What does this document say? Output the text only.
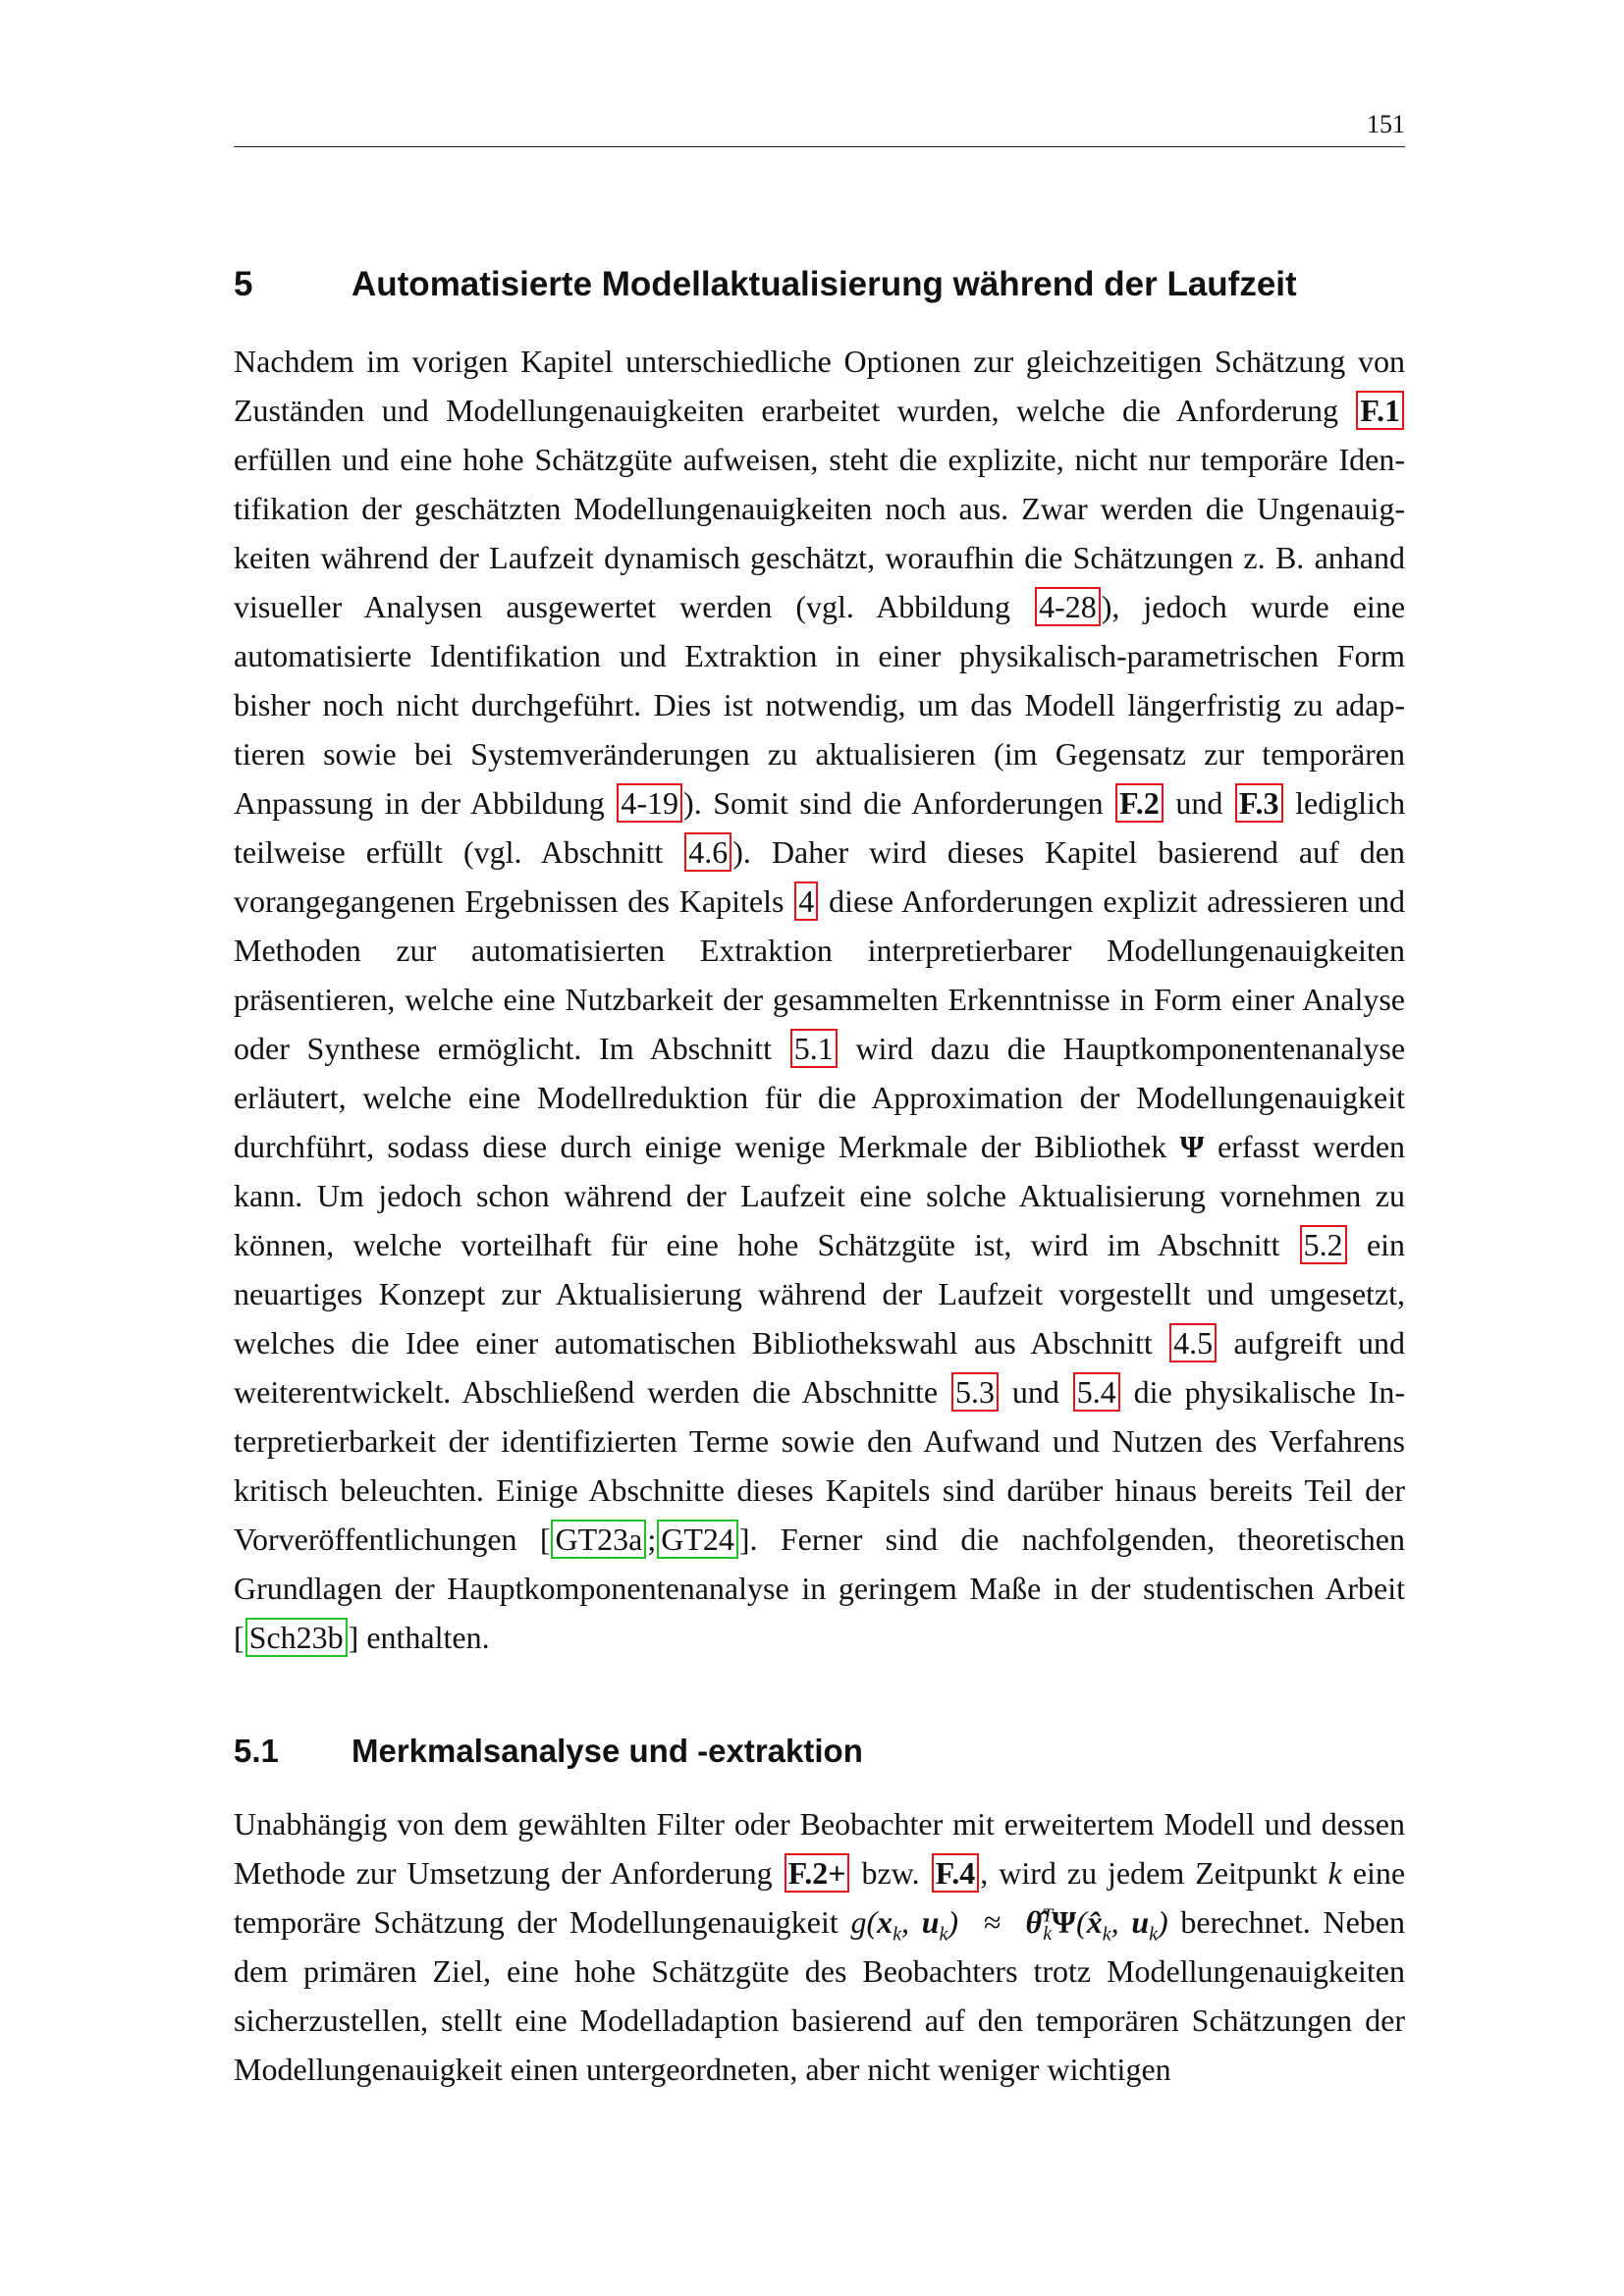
151
5	Automatisierte Modellaktualisierung während der Laufzeit
Nachdem im vorigen Kapitel unterschiedliche Optionen zur gleichzeitigen Schätzung von Zuständen und Modellungenauigkeiten erarbeitet wurden, welche die Anforderung F.1 erfüllen und eine hohe Schätzgüte aufweisen, steht die explizite, nicht nur temporäre Identifikation der geschätzten Modellungenauigkeiten noch aus. Zwar werden die Ungenauigkeiten während der Laufzeit dynamisch geschätzt, woraufhin die Schätzungen z. B. anhand visueller Analysen ausgewertet werden (vgl. Abbildung 4-28 ), jedoch wurde eine automatisierte Identifikation und Extraktion in einer physikalisch-parametrischen Form bisher noch nicht durchgeführt. Dies ist notwendig, um das Modell längerfristig zu adaptieren sowie bei Systemveränderungen zu aktualisieren (im Gegensatz zur temporären Anpassung in der Abbildung 4-19 ). Somit sind die Anforderungen F.2 und F.3 lediglich teilweise erfüllt (vgl. Abschnitt 4.6 ). Daher wird dieses Kapitel basierend auf den vorangegangenen Ergebnissen des Kapitels 4 diese Anforderungen explizit adressieren und Methoden zur automatisierten Extraktion interpretierbarer Modellungenauigkeiten präsentieren, welche eine Nutzbarkeit der gesammelten Erkenntnisse in Form einer Analyse oder Synthese ermöglicht. Im Abschnitt 5.1 wird dazu die Hauptkomponentenanalyse erläutert, welche eine Modellreduktion für die Approximation der Modellungenauigkeit durchführt, sodass diese durch einige wenige Merkmale der Bibliothek Ψ erfasst werden kann. Um jedoch schon während der Laufzeit eine solche Aktualisierung vornehmen zu können, welche vorteilhaft für eine hohe Schätzgüte ist, wird im Abschnitt 5.2 ein neuartiges Konzept zur Aktualisierung während der Laufzeit vorgestellt und umgesetzt, welches die Idee einer automatischen Bibliothekswahl aus Abschnitt 4.5 aufgreift und weiterentwickelt. Abschließend werden die Abschnitte 5.3 und 5.4 die physikalische Interpretierbarkeit der identifizierten Terme sowie den Aufwand und Nutzen des Verfahrens kritisch beleuchten. Einige Abschnitte dieses Kapitels sind darüber hinaus bereits Teil der Vorveröffentlichungen [ GT23a ; GT24 ]. Ferner sind die nachfolgenden, theoretischen Grundlagen der Hauptkomponentenanalyse in geringem Maße in der studentischen Arbeit [ Sch23b ] enthalten.
5.1 Merkmalsanalyse und -extraktion
Unabhängig von dem gewählten Filter oder Beobachter mit erweitertem Modell und dessen Methode zur Umsetzung der Anforderung F.2+ bzw. F.4 , wird zu jedem Zeitpunkt k eine temporäre Schätzung der Modellungenauigkeit $g(x_k$, $u_k$)  ≈  $\thetâ^T_k\Psi(x̂_k$, $u_k$) berechnet. Neben dem primären Ziel, eine hohe Schätzgüte des Beobachters trotz Modellungenauigkeiten sicherzustellen, stellt eine Modelladaption basierend auf den temporären Schätzungen der Modellungenauigkeit einen untergeordneten, aber nicht weniger wichtigen
